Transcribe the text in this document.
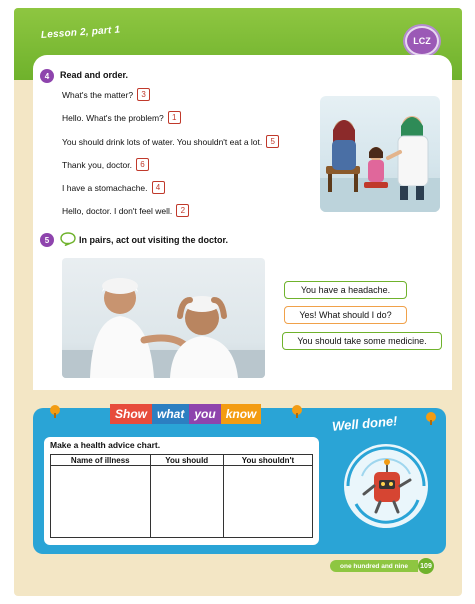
Lesson 2, part 1
LCZ
4	Read and order.
What's the matter?	3
Hello. What's the problem?	1
You should drink lots of water. You shouldn't eat a lot.	5
Thank you, doctor.	6
I have a stomachache.	4
Hello, doctor. I don't feel well.	2
5	In pairs, act out visiting the doctor.
You have a headache.
Yes! What should I do?
You should take some medicine.
Show what you know
Make a health advice chart.
Name of illness	You should	You shouldn't

Well done!
one hundred and nine	109
